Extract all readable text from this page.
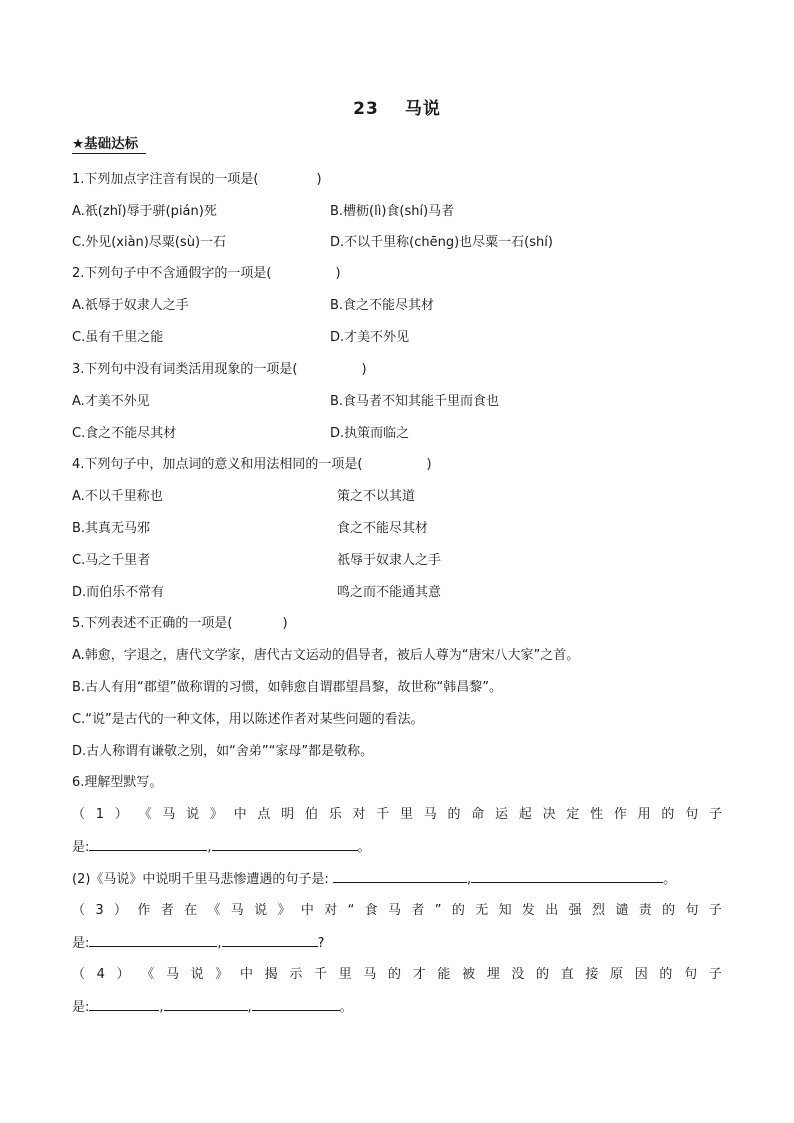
23 马说
★基础达标
1.下列加点字注音有误的一项是(	)
A.祇(zhǐ)辱于骈(pián)死	B.槽枥(lì)食(shí)马者
C.外见(xiàn)尽粟(sù)一石	D.不以千里称(chēng)也尽粟一石(shí)
2.下列句子中不含通假字的一项是(	)
A.祇辱于奴隶人之手	B.食之不能尽其材
C.虽有千里之能	D.才美不外见
3.下列句中没有词类活用现象的一项是(	)
A.才美不外见	B.食马者不知其能千里而食也
C.食之不能尽其材	D.执策而临之
4.下列句子中，加点词的意义和用法相同的一项是(	)
A.不以千里称也	策之不以其道
B.其真无马邪	食之不能尽其材
C.马之千里者	祇辱于奴隶人之手
D.而伯乐不常有	鸣之而不能通其意
5.下列表述不正确的一项是(	)
A.韩愈，字退之，唐代文学家，唐代古文运动的倡导者，被后人尊为“唐宋八大家”之首。
B.古人有用“郡望”做称谓的习惯，如韩愈自谓郡望昌黎，故世称“韩昌黎”。
C.“说”是古代的一种文体，用以陈述作者对某些问题的看法。
D.古人称谓有谦敬之别，如“舍弟”“家母”都是敬称。
6.理解型默写。
（ 1 ） 《 马 说 》 中 点 明 伯 乐 对 千 里 马 的 命 运 起 决 定 性 作 用 的 句 子
是:	,	。
(2)《马说》中说明千里马悲惨遭遇的句子是:	,	。
（ 3 ） 作 者 在 《 马 说 》 中 对 “ 食 马 者 ” 的 无 知 发 出 强 烈 谴 责 的 句 子
是:	,	?
（ 4 ） 《 马 说 》 中 揭 示 千 里 马 的 才 能 被 埋 没 的 直 接 原 因 的 句 子
是:	,	,	。
